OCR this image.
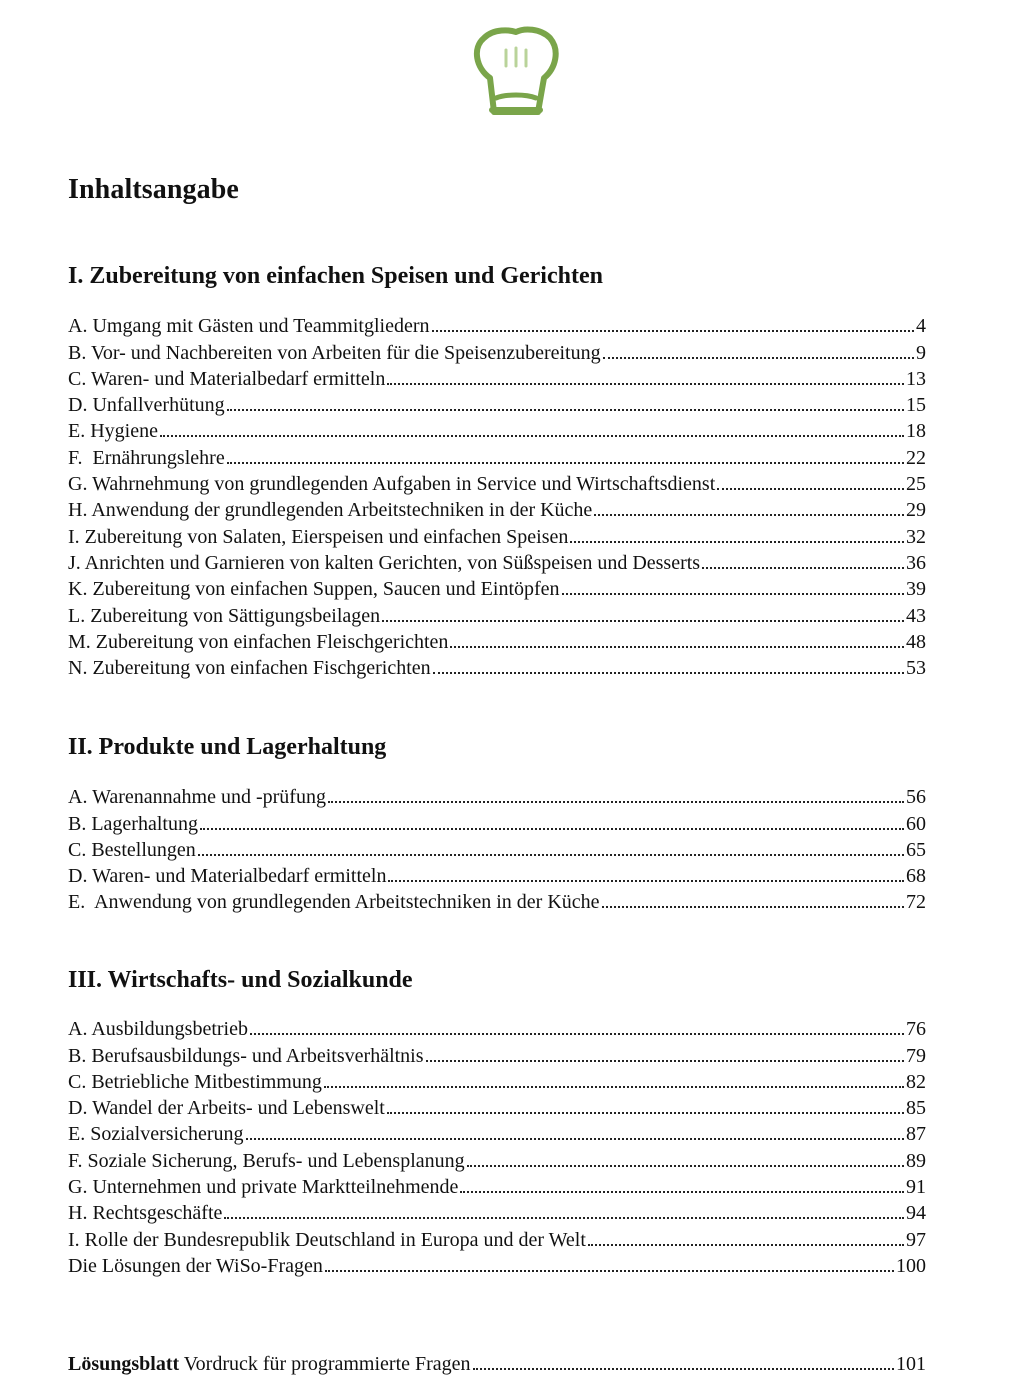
Inhaltsangabe
I. Zubereitung von einfachen Speisen und Gerichten
A. Umgang mit Gästen und Teammitgliedern	4
B. Vor- und Nachbereiten von Arbeiten für die Speisenzubereitung	9
C. Waren- und Materialbedarf ermitteln	13
D. Unfallverhütung	15
E. Hygiene	18
F.  Ernährungslehre	22
G. Wahrnehmung von grundlegenden Aufgaben in Service und Wirtschaftsdienst	25
H. Anwendung der grundlegenden Arbeitstechniken in der Küche	29
I. Zubereitung von Salaten, Eierspeisen und einfachen Speisen	32
J. Anrichten und Garnieren von kalten Gerichten, von Süßspeisen und Desserts	36
K. Zubereitung von einfachen Suppen, Saucen und Eintöpfen	39
L. Zubereitung von Sättigungsbeilagen	43
M. Zubereitung von einfachen Fleischgerichten	48
N. Zubereitung von einfachen Fischgerichten	53
II. Produkte und Lagerhaltung
A. Warenannahme und -prüfung	56
B. Lagerhaltung	60
C. Bestellungen	65
D. Waren- und Materialbedarf ermitteln	68
E.  Anwendung von grundlegenden Arbeitstechniken in der Küche	72
III. Wirtschafts- und Sozialkunde
A. Ausbildungsbetrieb	76
B. Berufsausbildungs- und Arbeitsverhältnis	79
C. Betriebliche Mitbestimmung	82
D. Wandel der Arbeits- und Lebenswelt	85
E. Sozialversicherung	87
F. Soziale Sicherung, Berufs- und Lebensplanung	89
G. Unternehmen und private Marktteilnehmende	91
H. Rechtsgeschäfte	94
I. Rolle der Bundesrepublik Deutschland in Europa und der Welt	97
Die Lösungen der WiSo-Fragen	100
Lösungsblatt Vordruck für programmierte Fragen	101
